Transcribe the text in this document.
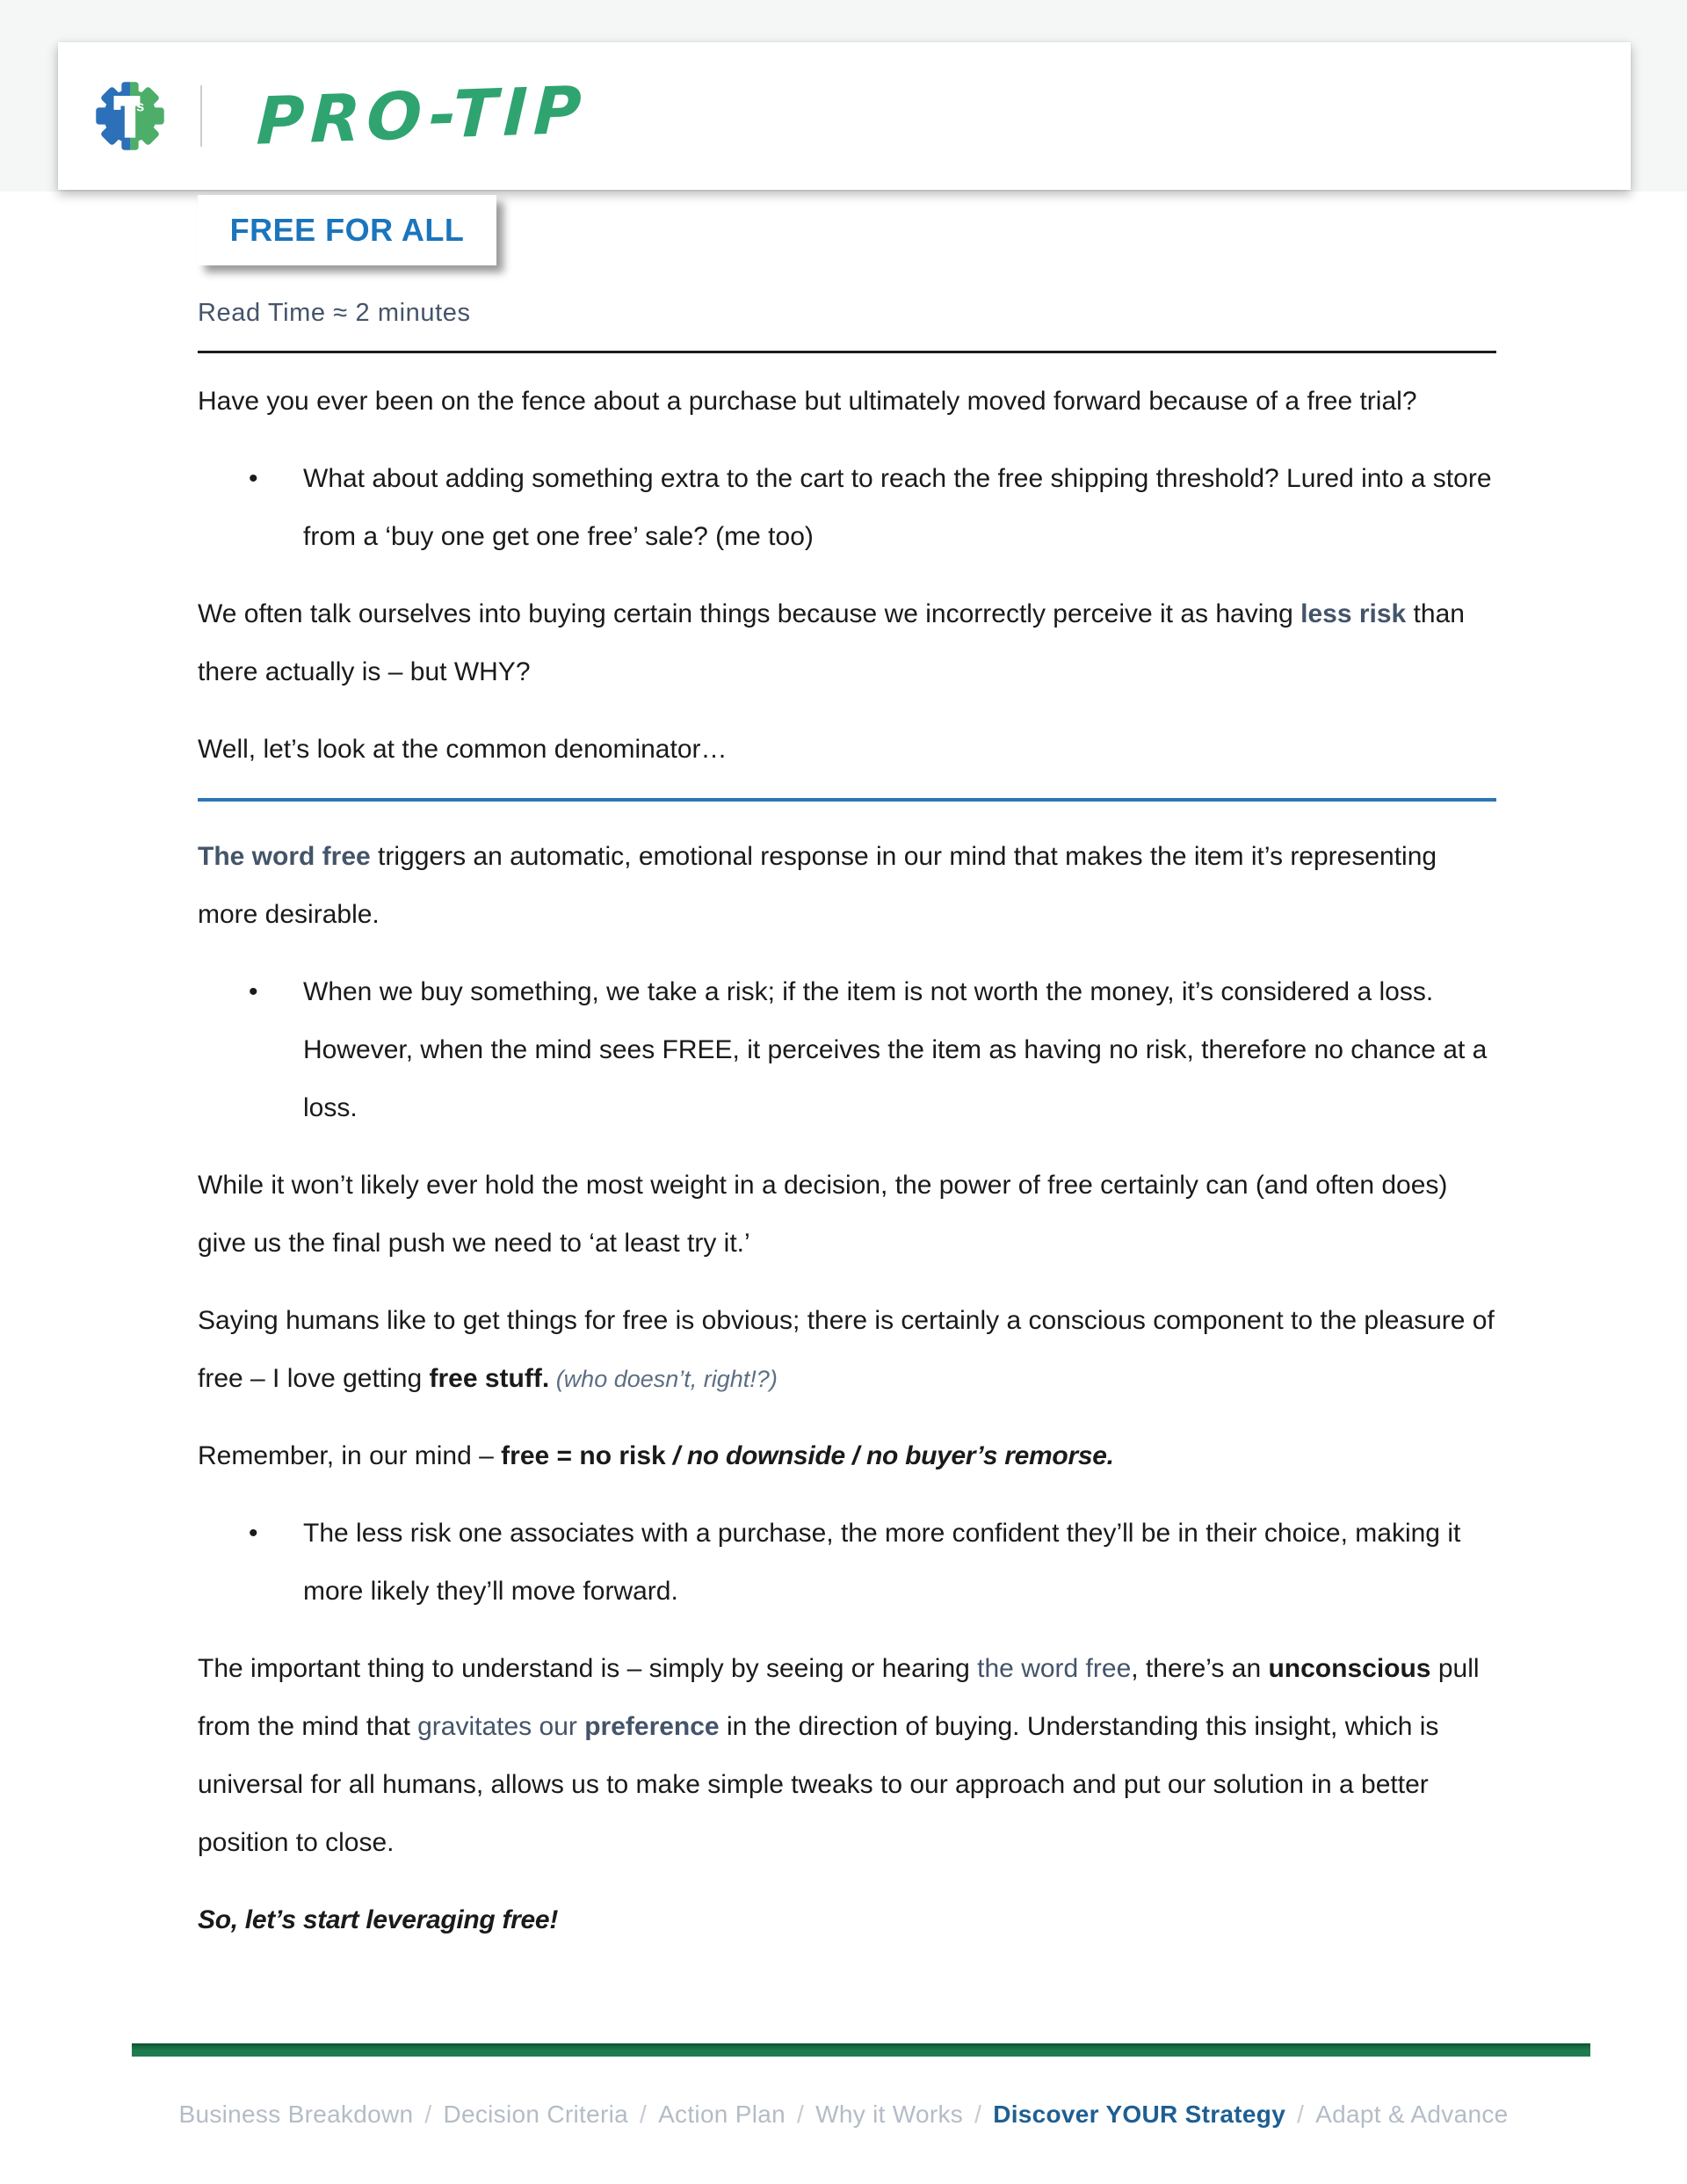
s PRO-TIP
FREE FOR ALL
Read Time ≈ 2 minutes

Have you ever been on the fence about a purchase but ultimately moved forward because of a free trial?

• What about adding something extra to the cart to reach the free shipping threshold? Lured into a store from a ‘buy one get one free’ sale? (me too)

We often talk ourselves into buying certain things because we incorrectly perceive it as having less risk than there actually is – but WHY?

Well, let’s look at the common denominator…

The word free triggers an automatic, emotional response in our mind that makes the item it’s representing more desirable.

• When we buy something, we take a risk; if the item is not worth the money, it’s considered a loss. However, when the mind sees FREE, it perceives the item as having no risk, therefore no chance at a loss.

While it won’t likely ever hold the most weight in a decision, the power of free certainly can (and often does) give us the final push we need to ‘at least try it.’

Saying humans like to get things for free is obvious; there is certainly a conscious component to the pleasure of free – I love getting free stuff. (who doesn’t, right!?)

Remember, in our mind – free = no risk / no downside / no buyer’s remorse.

• The less risk one associates with a purchase, the more confident they’ll be in their choice, making it more likely they’ll move forward.

The important thing to understand is – simply by seeing or hearing the word free, there’s an unconscious pull from the mind that gravitates our preference in the direction of buying. Understanding this insight, which is universal for all humans, allows us to make simple tweaks to our approach and put our solution in a better position to close.

So, let’s start leveraging free!

Business Breakdown / Decision Criteria / Action Plan / Why it Works / Discover YOUR Strategy / Adapt & Advance
